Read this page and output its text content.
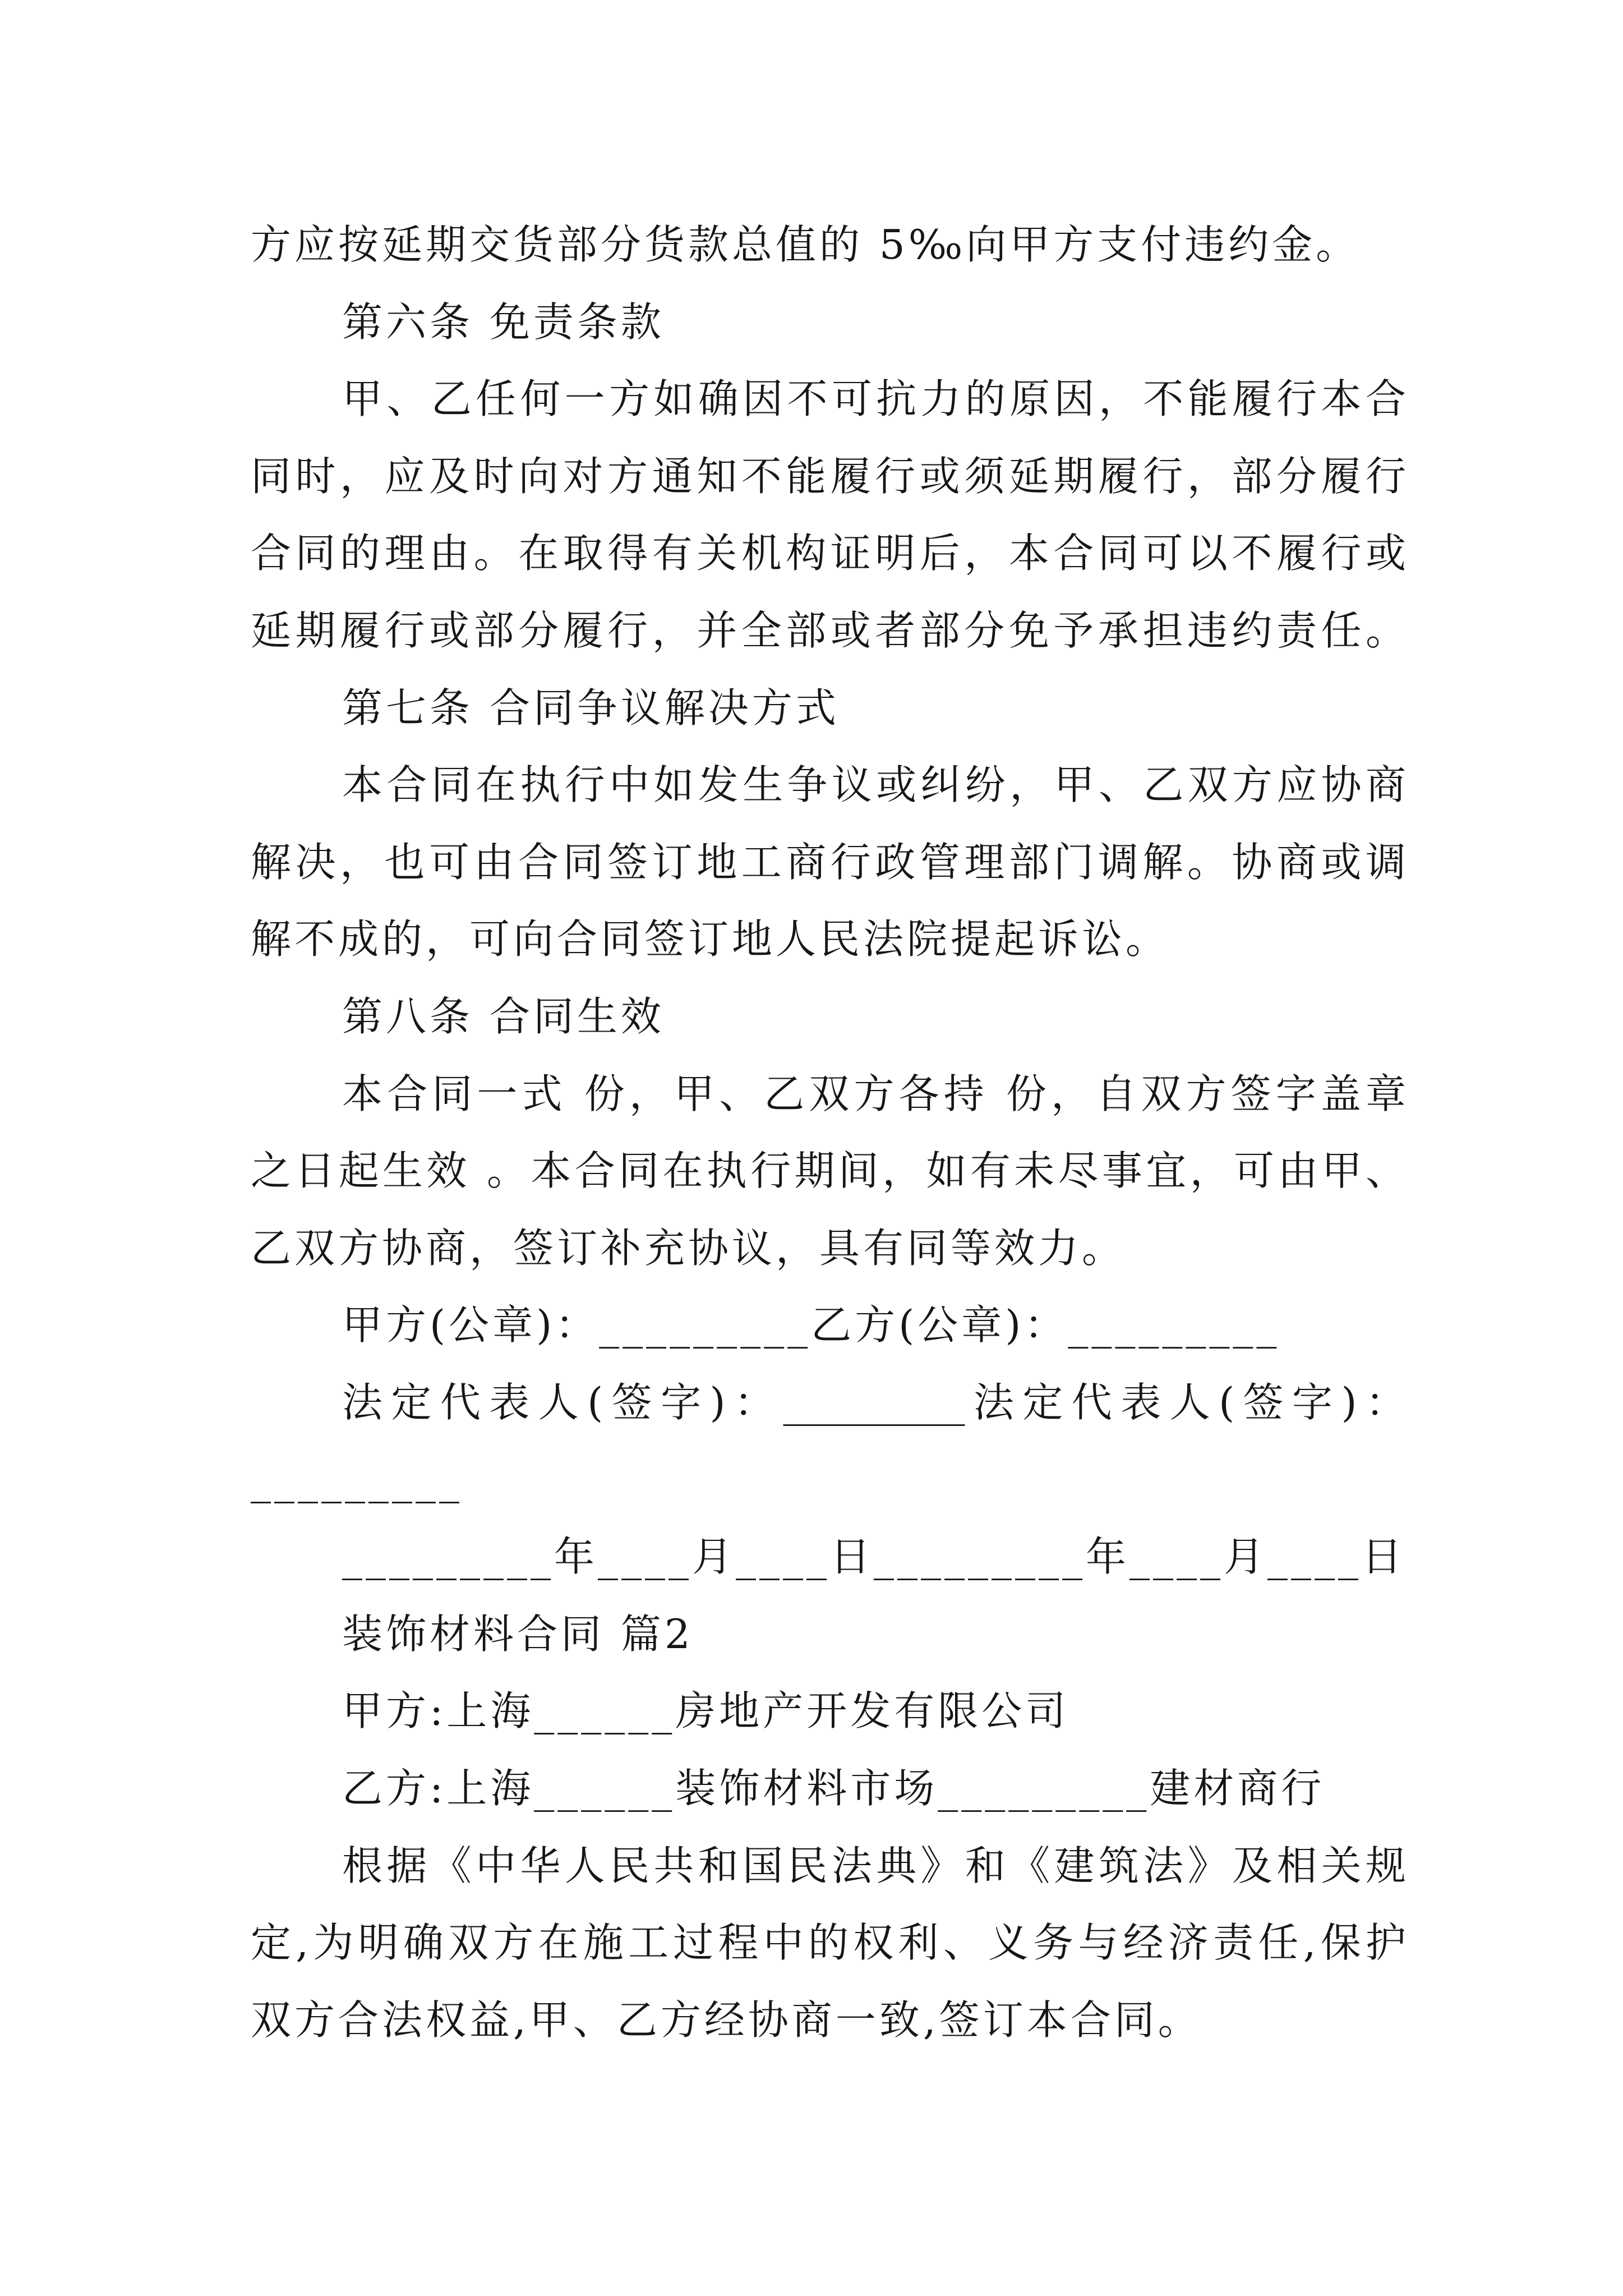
方应按延期交货部分货款总值的 5‰向甲方支付违约金。
第六条 免责条款
甲、乙任何一方如确因不可抗力的原因，不能履行本合
同时，应及时向对方通知不能履行或须延期履行，部分履行
合同的理由。在取得有关机构证明后，本合同可以不履行或
延期履行或部分履行，并全部或者部分免予承担违约责任。
第七条 合同争议解决方式
本合同在执行中如发生争议或纠纷，甲、乙双方应协商
解决，也可由合同签订地工商行政管理部门调解。协商或调
解不成的，可向合同签订地人民法院提起诉讼。
第八条 合同生效
本合同一式 份，甲、乙双方各持 份，自双方签字盖章
之日起生效 。本合同在执行期间，如有未尽事宜，可由甲、
乙双方协商，签订补充协议，具有同等效力。
甲方(公章)：_________乙方(公章)：_________
法定代表人(签字)：_________法定代表人(签字)：
_________
_________年____月____日_________年____月____日
装饰材料合同 篇2
甲方:上海______房地产开发有限公司
乙方:上海______装饰材料市场_________建材商行
根据《中华人民共和国民法典》和《建筑法》及相关规
定,为明确双方在施工过程中的权利、义务与经济责任,保护
双方合法权益,甲、乙方经协商一致,签订本合同。
